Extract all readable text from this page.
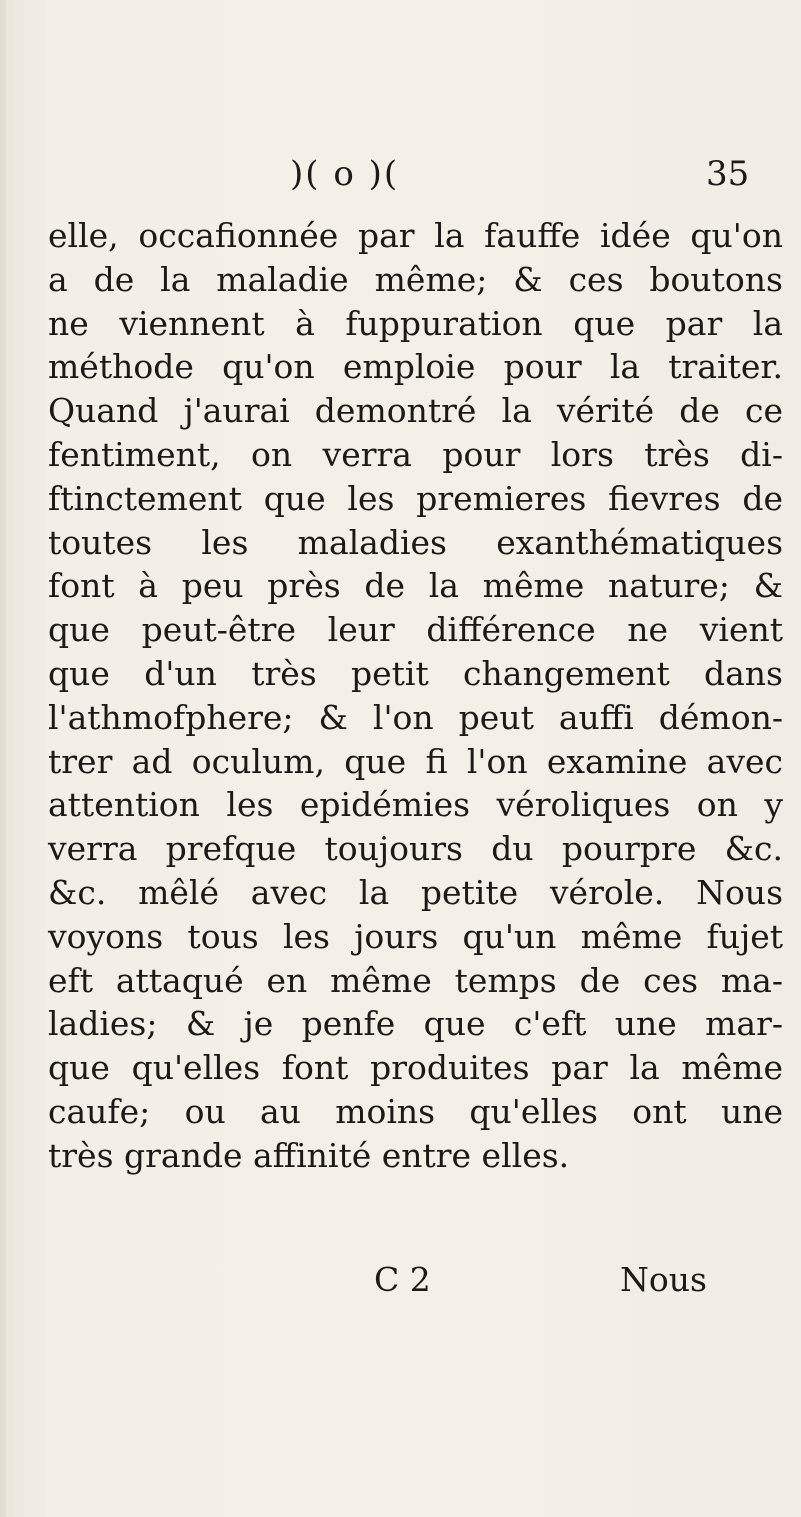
)( o )(	35
elle, occafionnée par la fauffe idée qu'on
a de la maladie même; & ces boutons
ne viennent à fuppuration que par la
méthode qu'on emploie pour la traiter.
Quand j'aurai demontré la vérité de ce
fentiment, on verra pour lors très di-
ftinctement que les premieres fievres de
toutes les maladies exanthématiques
font à peu près de la même nature; &
que peut-être leur différence ne vient
que d'un très petit changement dans
l'athmofphere; & l'on peut auffi démon-
trer ad oculum, que fi l'on examine avec
attention les epidémies véroliques on y
verra prefque toujours du pourpre &c.
&c. mêlé avec la petite vérole. Nous
voyons tous les jours qu'un même fujet
eft attaqué en même temps de ces ma-
ladies; & je penfe que c'eft une mar-
que qu'elles font produites par la même
caufe; ou au moins qu'elles ont une
très grande affinité entre elles.
C 2	Nous
